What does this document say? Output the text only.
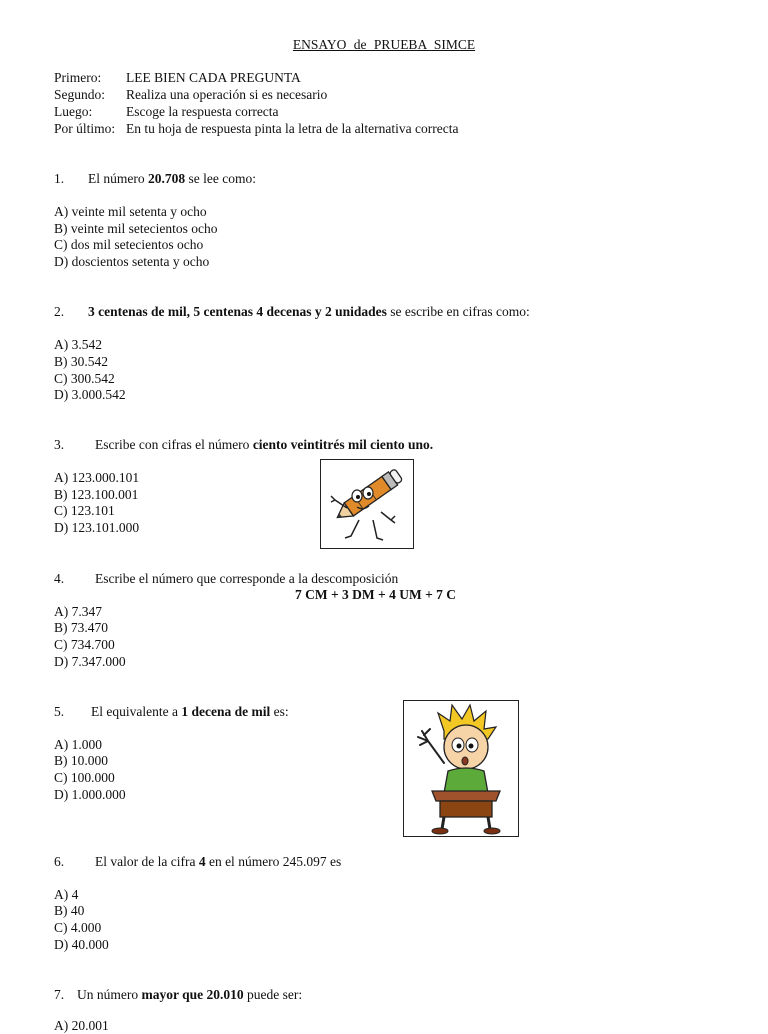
ENSAYO de PRUEBA SIMCE
Primero: LEE BIEN CADA PREGUNTA
Segundo: Realiza una operación si es necesario
Luego:	Escoge la respuesta correcta
Por último: En tu hoja de respuesta pinta la letra de la alternativa correcta
1. El número 20.708 se lee como:
A) veinte mil setenta y ocho
B) veinte mil setecientos ocho
C) dos mil setecientos ocho
D) doscientos setenta y ocho
2. 3 centenas de mil, 5 centenas 4 decenas y 2 unidades se escribe en cifras como:
A) 3.542
B) 30.542
C) 300.542
D) 3.000.542
3. Escribe con cifras el número ciento veintitrés mil ciento uno.
A) 123.000.101
B) 123.100.001
C) 123.101
D) 123.101.000
4. Escribe el número que corresponde a la descomposición
7 CM + 3 DM + 4 UM + 7 C
A) 7.347
B) 73.470
C) 734.700
D) 7.347.000
5. El equivalente a 1 decena de mil es:
A) 1.000
B) 10.000
C) 100.000
D) 1.000.000
6. El valor de la cifra 4 en el número 245.097 es
A) 4
B) 40
C) 4.000
D) 40.000
7. Un número mayor que 20.010 puede ser:
A) 20.001
